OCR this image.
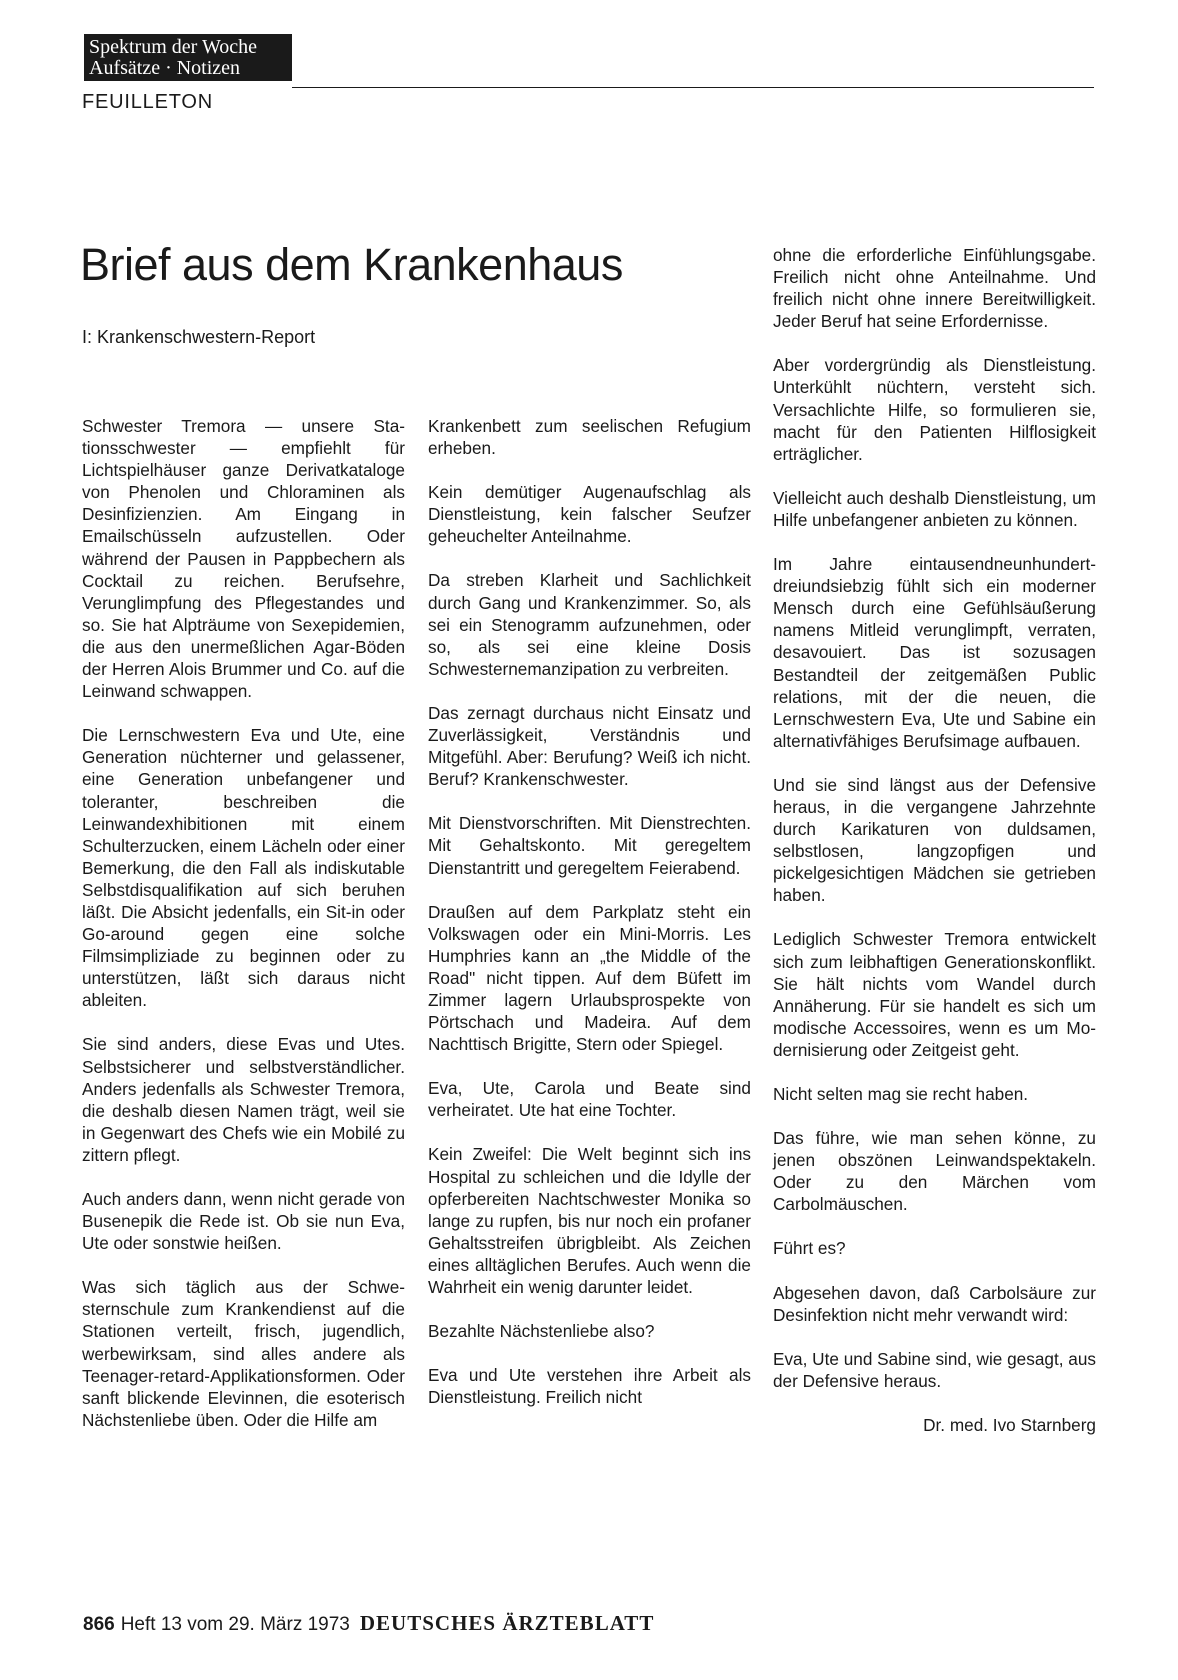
Spektrum der Woche
Aufsätze · Notizen
FEUILLETON
Brief aus dem Krankenhaus
I: Krankenschwestern-Report

Schwester Tremora — unsere Stationsschwester — empfiehlt für Lichtspielhäuser ganze Derivatkataloge von Phenolen und Chloraminen als Desinfizienzien. Am Eingang in Emailschüsseln aufzustellen. Oder während der Pausen in Pappbechern als Cocktail zu reichen. Berufsehre, Verunglimpfung des Pflegestandes und so. Sie hat Alpträume von Sexepidemien, die aus den unermeßlichen Agar-Böden der Herren Alois Brummer und Co. auf die Leinwand schwappen.

Die Lernschwestern Eva und Ute, eine Generation nüchterner und gelassener, eine Generation unbefangener und toleranter, beschreiben die Leinwandexhibitionen mit einem Schulterzucken, einem Lächeln oder einer Bemerkung, die den Fall als indiskutable Selbstdisqualifikation auf sich beruhen läßt. Die Absicht jedenfalls, ein Sit-in oder Go-around gegen eine solche Filmsimpliziade zu beginnen oder zu unterstützen, läßt sich daraus nicht ableiten.

Sie sind anders, diese Evas und Utes. Selbstsicherer und selbstverständlicher. Anders jedenfalls als Schwester Tremora, die deshalb diesen Namen trägt, weil sie in Gegenwart des Chefs wie ein Mobilé zu zittern pflegt.

Auch anders dann, wenn nicht gerade von Busenepik die Rede ist. Ob sie nun Eva, Ute oder sonstwie heißen.

Was sich täglich aus der Schwesternschule zum Krankendienst auf die Stationen verteilt, frisch, jugendlich, werbewirksam, sind alles andere als Teenager-retard-Applikationsformen. Oder sanft blickende Elevinnen, die esoterisch Nächstenliebe üben. Oder die Hilfe am

Krankenbett zum seelischen Refugium erheben.

Kein demütiger Augenaufschlag als Dienstleistung, kein falscher Seufzer geheuchelter Anteilnahme.

Da streben Klarheit und Sachlichkeit durch Gang und Krankenzimmer. So, als sei ein Stenogramm aufzunehmen, oder so, als sei eine kleine Dosis Schwesternemanzipation zu verbreiten.

Das zernagt durchaus nicht Einsatz und Zuverlässigkeit, Verständnis und Mitgefühl. Aber: Berufung? Weiß ich nicht. Beruf? Krankenschwester.

Mit Dienstvorschriften. Mit Dienstrechten. Mit Gehaltskonto. Mit geregeltem Dienstantritt und geregeltem Feierabend.

Draußen auf dem Parkplatz steht ein Volkswagen oder ein Mini-Morris. Les Humphries kann an „the Middle of the Road" nicht tippen. Auf dem Büfett im Zimmer lagern Urlaubsprospekte von Pörtschach und Madeira. Auf dem Nachttisch Brigitte, Stern oder Spiegel.

Eva, Ute, Carola und Beate sind verheiratet. Ute hat eine Tochter.

Kein Zweifel: Die Welt beginnt sich ins Hospital zu schleichen und die Idylle der opferbereiten Nachtschwester Monika so lange zu rupfen, bis nur noch ein profaner Gehaltsstreifen übrigbleibt. Als Zeichen eines alltäglichen Berufes. Auch wenn die Wahrheit ein wenig darunter leidet.

Bezahlte Nächstenliebe also?

Eva und Ute verstehen ihre Arbeit als Dienstleistung. Freilich nicht

ohne die erforderliche Einfühlungsgabe. Freilich nicht ohne Anteilnahme. Und freilich nicht ohne innere Bereitwilligkeit. Jeder Beruf hat seine Erfordernisse.

Aber vordergründig als Dienstleistung. Unterkühlt nüchtern, versteht sich. Versachlichte Hilfe, so formulieren sie, macht für den Patienten Hilflosigkeit erträglicher.

Vielleicht auch deshalb Dienstleistung, um Hilfe unbefangener anbieten zu können.

Im Jahre eintausendneunhundertdreiundsiebzig fühlt sich ein moderner Mensch durch eine Gefühlsäußerung namens Mitleid verunglimpft, verraten, desavouiert. Das ist sozusagen Bestandteil der zeitgemäßen Public relations, mit der die neuen, die Lernschwestern Eva, Ute und Sabine ein alternativfähiges Berufsimage aufbauen.

Und sie sind längst aus der Defensive heraus, in die vergangene Jahrzehnte durch Karikaturen von duldsamen, selbstlosen, langzopfigen und pickelgesichtigen Mädchen sie getrieben haben.

Lediglich Schwester Tremora entwickelt sich zum leibhaftigen Generationskonflikt. Sie hält nichts vom Wandel durch Annäherung. Für sie handelt es sich um modische Accessoires, wenn es um Modernisierung oder Zeitgeist geht.

Nicht selten mag sie recht haben.

Das führe, wie man sehen könne, zu jenen obszönen Leinwandspektakeln. Oder zu den Märchen vom Carbolmäuschen.

Führt es?

Abgesehen davon, daß Carbolsäure zur Desinfektion nicht mehr verwandt wird:

Eva, Ute und Sabine sind, wie gesagt, aus der Defensive heraus.

Dr. med. Ivo Starnberg

866 Heft 13 vom 29. März 1973 DEUTSCHES ÄRZTEBLATT
